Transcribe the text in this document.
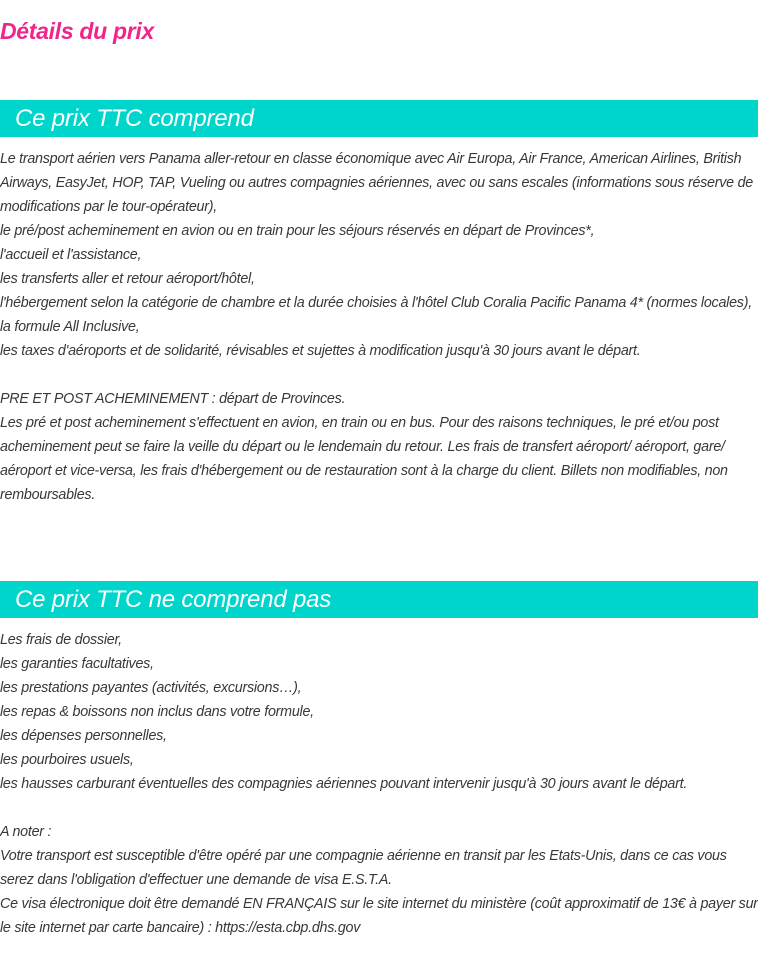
Détails du prix
Ce prix TTC comprend

Le transport aérien vers Panama aller-retour en classe économique avec Air Europa, Air France, American Airlines, British Airways, EasyJet, HOP, TAP, Vueling ou autres compagnies aériennes, avec ou sans escales (informations sous réserve de modifications par le tour-opérateur),

le pré/post acheminement en avion ou en train pour les séjours réservés en départ de Provinces*,

l'accueil et l'assistance,

les transferts aller et retour aéroport/hôtel,

l'hébergement selon la catégorie de chambre et la durée choisies à l'hôtel Club Coralia Pacific Panama 4* (normes locales),

la formule All Inclusive,

les taxes d'aéroports et de solidarité, révisables et sujettes à modification jusqu'à 30 jours avant le départ.

PRE ET POST ACHEMINEMENT : départ de Provinces.

Les pré et post acheminement s'effectuent en avion, en train ou en bus. Pour des raisons techniques, le pré et/ou post acheminement peut se faire la veille du départ ou le lendemain du retour. Les frais de transfert aéroport/ aéroport, gare/ aéroport et vice-versa, les frais d'hébergement ou de restauration sont à la charge du client. Billets non modifiables, non remboursables.

Ce prix TTC ne comprend pas

Les frais de dossier,

les garanties facultatives,

les prestations payantes (activités, excursions…),

les repas & boissons non inclus dans votre formule,

les dépenses personnelles,

les pourboires usuels,

les hausses carburant éventuelles des compagnies aériennes pouvant intervenir jusqu'à 30 jours avant le départ.

A noter :

Votre transport est susceptible d'être opéré par une compagnie aérienne en transit par les Etats-Unis, dans ce cas vous serez dans l'obligation d'effectuer une demande de visa E.S.T.A.

Ce visa électronique doit être demandé EN FRANÇAIS sur le site internet du ministère (coût approximatif de 13€ à payer sur le site internet par carte bancaire) : https://esta.cbp.dhs.gov
